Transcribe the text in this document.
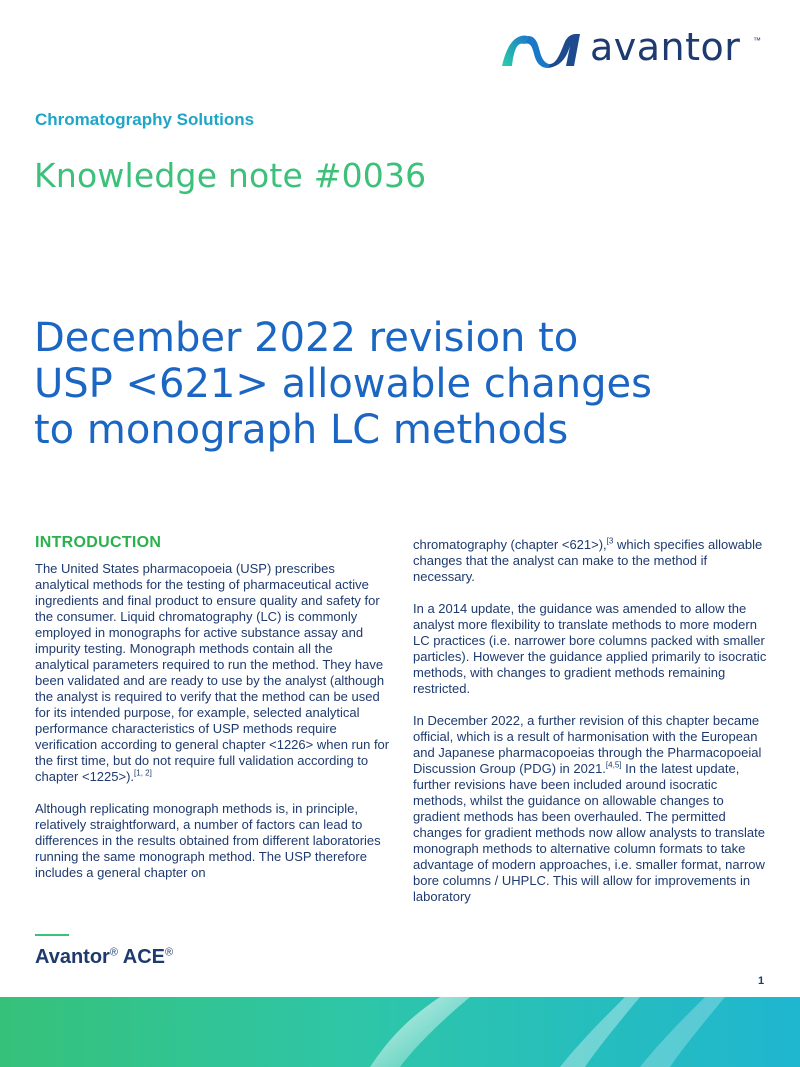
avantor ™
Chromatography Solutions
Knowledge note #0036
December 2022 revision to
USP <621> allowable changes
to monograph LC methods
INTRODUCTION

The United States pharmacopoeia (USP) prescribes analytical methods for the testing of pharmaceutical active ingredients and final product to ensure quality and safety for the consumer. Liquid chromatography (LC) is commonly employed in monographs for active substance assay and impurity testing. Monograph methods contain all the analytical parameters required to run the method. They have been validated and are ready to use by the analyst (although the analyst is required to verify that the method can be used for its intended purpose, for example, selected analytical performance characteristics of USP methods require verification according to general chapter <1226> when run for the first time, but do not require full validation according to chapter <1225>).[1, 2]

Although replicating monograph methods is, in principle, relatively straightforward, a number of factors can lead to differences in the results obtained from different laboratories running the same monograph method. The USP therefore includes a general chapter on

chromatography (chapter <621>),$^{[3}$ which specifies allowable changes that the analyst can make to the method if necessary.

In a 2014 update, the guidance was amended to allow the analyst more flexibility to translate methods to more modern LC practices (i.e. narrower bore columns packed with smaller particles). However the guidance applied primarily to isocratic methods, with changes to gradient methods remaining restricted.

In December 2022, a further revision of this chapter became official, which is a result of harmonisation with the European and Japanese pharmacopoeias through the Pharmacopoeial Discussion Group (PDG) in 2021.[4,5] In the latest update, further revisions have been included around isocratic methods, whilst the guidance on allowable changes to gradient methods has been overhauled. The permitted changes for gradient methods now allow analysts to translate monograph methods to alternative column formats to take advantage of modern approaches, i.e. smaller format, narrow bore columns / UHPLC. This will allow for improvements in laboratory

Avantor® ACE®
1
